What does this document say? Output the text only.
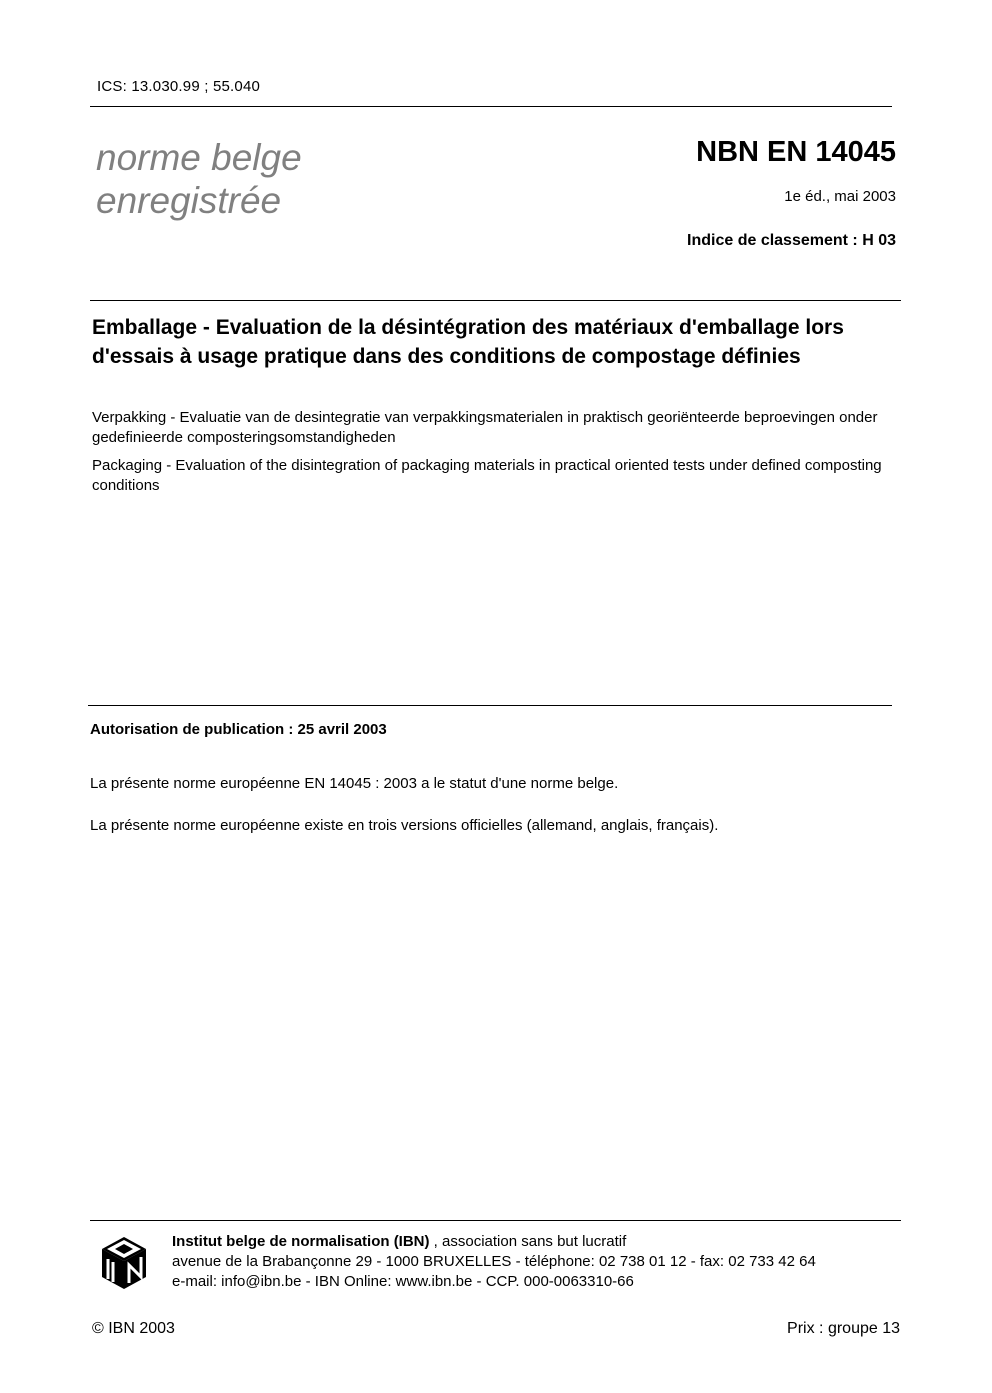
ICS: 13.030.99 ; 55.040
norme belge
enregistrée
NBN EN 14045
1e éd., mai 2003
Indice de classement : H 03
Emballage - Evaluation de la désintégration des matériaux d'emballage lors d'essais à usage pratique dans des conditions de compostage définies
Verpakking - Evaluatie van de desintegratie van verpakkingsmaterialen in praktisch georiënteerde beproevingen onder gedefinieerde composteringsomstandigheden
Packaging - Evaluation of the disintegration of packaging materials in practical oriented tests under defined composting conditions
Autorisation de publication : 25 avril 2003
La présente norme européenne EN 14045 : 2003 a le statut d'une norme belge.
La présente norme européenne existe en trois versions officielles (allemand, anglais, français).
Institut belge de normalisation (IBN) , association sans but lucratif
avenue de la Brabançonne 29 - 1000 BRUXELLES - téléphone: 02 738 01 12 - fax: 02 733 42 64
e-mail: info@ibn.be - IBN Online: www.ibn.be - CCP. 000-0063310-66
© IBN 2003	Prix : groupe 13
